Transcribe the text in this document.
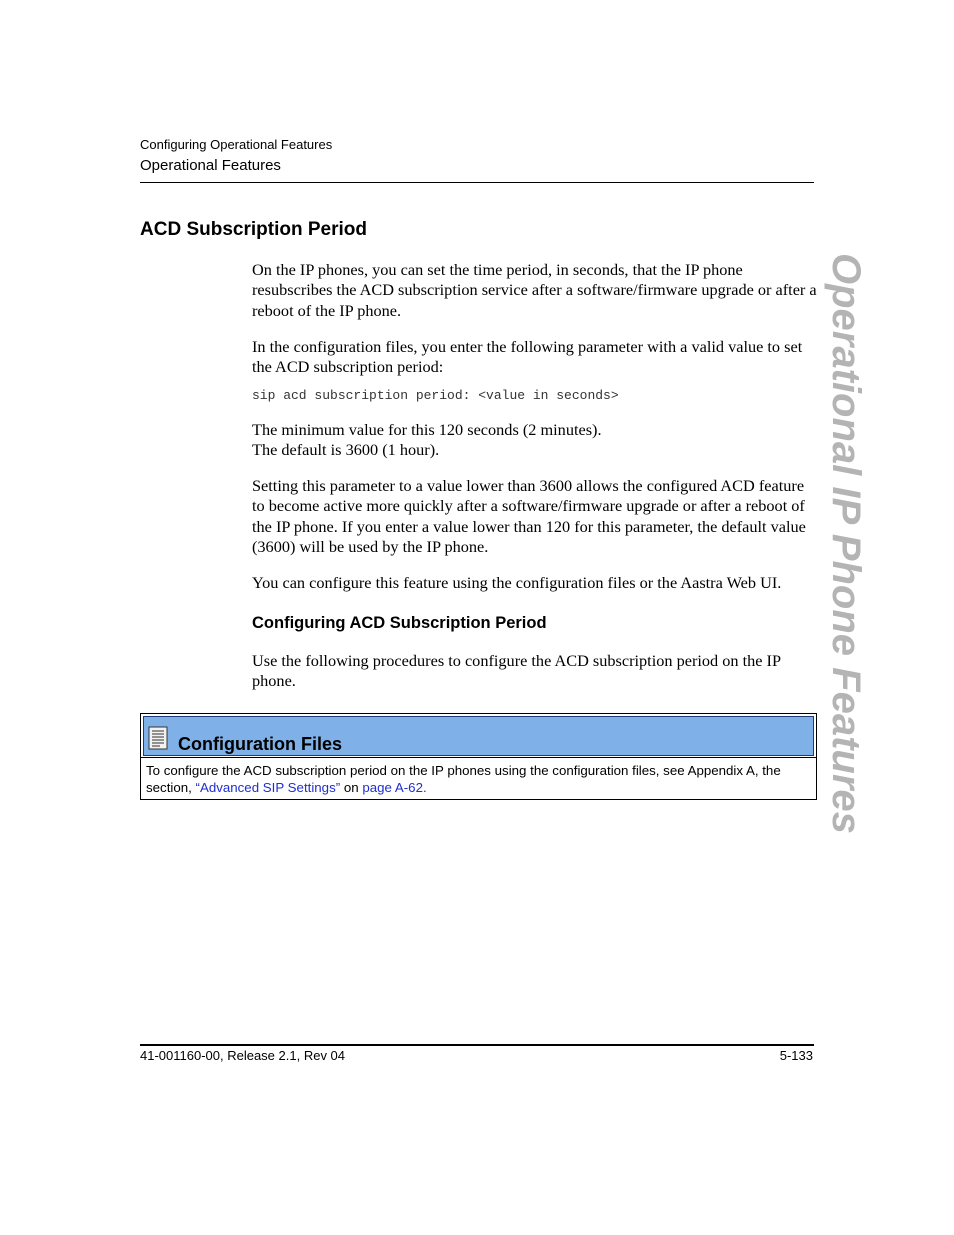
Configuring Operational Features
Operational Features
ACD Subscription Period

On the IP phones, you can set the time period, in seconds, that the IP phone resubscribes the ACD subscription service after a software/firmware upgrade or after a reboot of the IP phone.

In the configuration files, you enter the following parameter with a valid value to set the ACD subscription period:

sip acd subscription period: <value in seconds>

The minimum value for this 120 seconds (2 minutes).

The default is 3600 (1 hour).

Setting this parameter to a value lower than 3600 allows the configured ACD feature to become active more quickly after a software/firmware upgrade or after a reboot of the IP phone. If you enter a value lower than 120 for this parameter, the default value (3600) will be used by the IP phone.

You can configure this feature using the configuration files or the Aastra Web UI.

Configuring ACD Subscription Period

Use the following procedures to configure the ACD subscription period on the IP phone.

Configuration Files

To configure the ACD subscription period on the IP phones using the configuration files, see Appendix A, the section, “Advanced SIP Settings” on page A-62.	Operational IP Phone Features
41-001160-00, Release 2.1, Rev 04	5-133
